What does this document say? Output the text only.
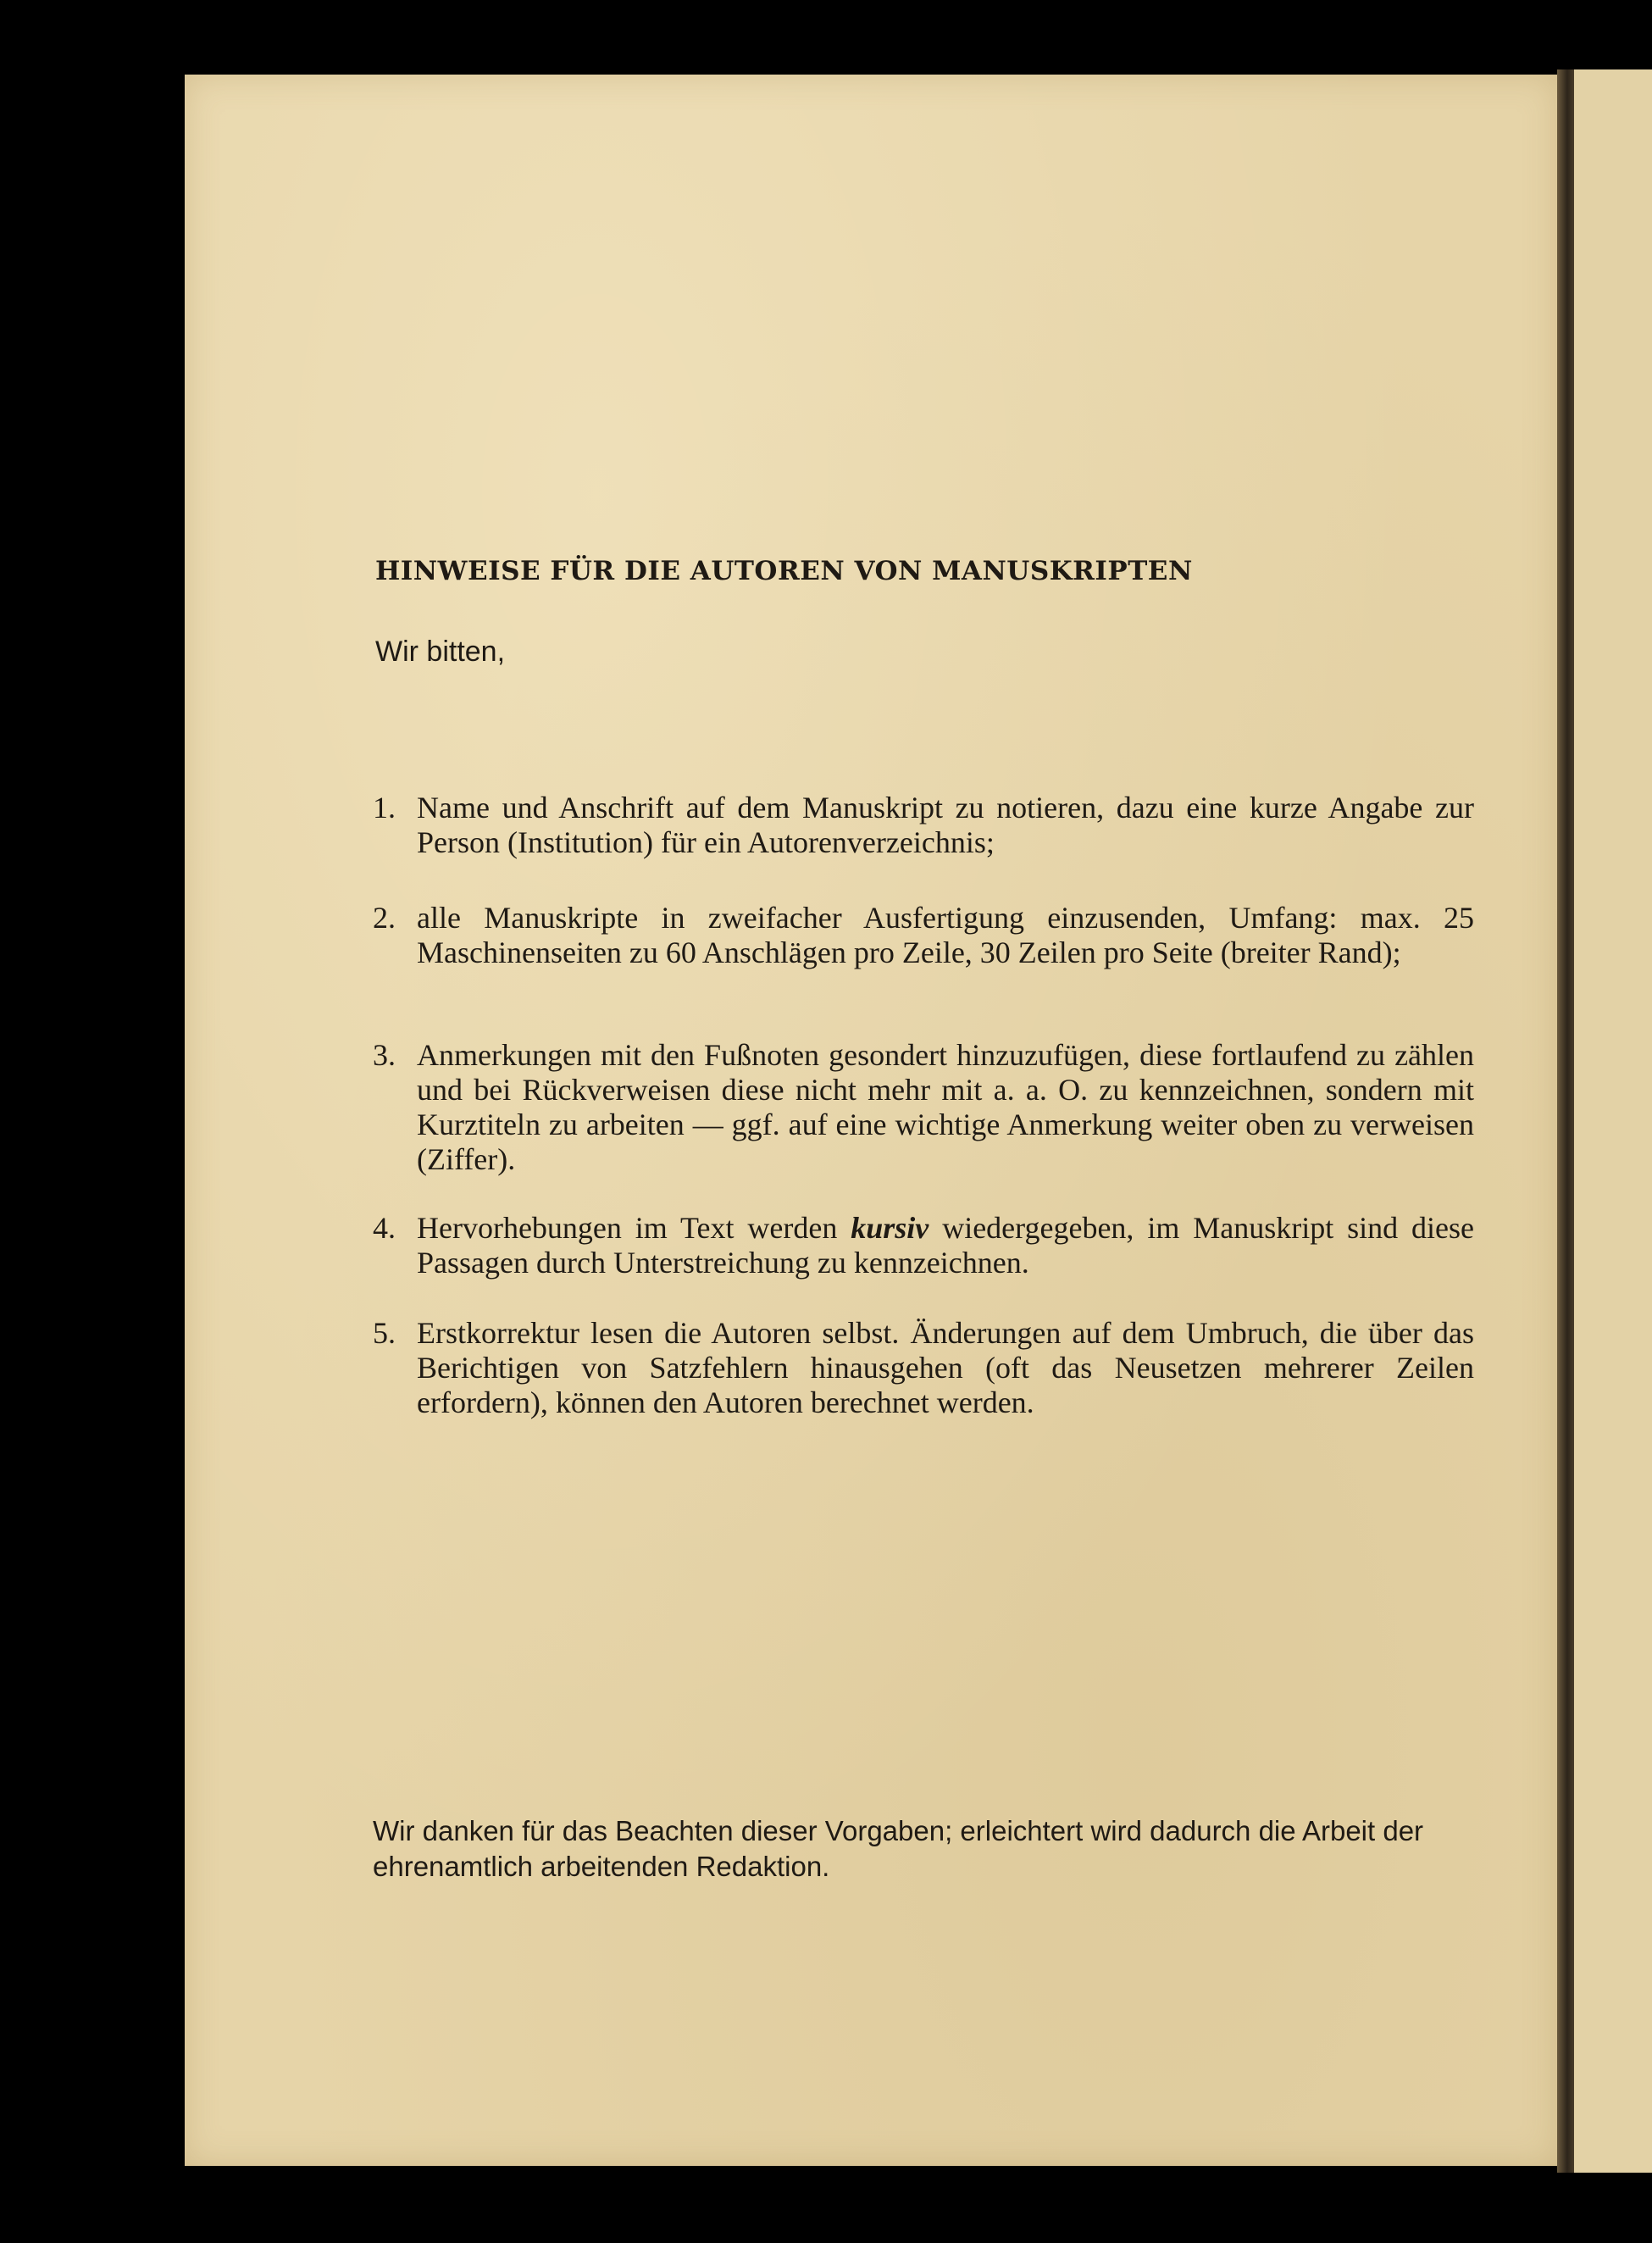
HINWEISE FÜR DIE AUTOREN VON MANUSKRIPTEN
Wir bitten,
1. Name und Anschrift auf dem Manuskript zu notieren, dazu eine kurze Angabe zur Person (Institution) für ein Autorenverzeichnis;
2. alle Manuskripte in zweifacher Ausfertigung einzusenden, Umfang: max. 25 Maschinenseiten zu 60 Anschlägen pro Zeile, 30 Zeilen pro Seite (breiter Rand);
3. Anmerkungen mit den Fußnoten gesondert hinzuzufügen, diese fortlaufend zu zählen und bei Rückverweisen diese nicht mehr mit a. a. O. zu kennzeichnen, sondern mit Kurztiteln zu arbeiten — ggf. auf eine wichtige Anmerkung weiter oben zu verweisen (Ziffer).
4. Hervorhebungen im Text werden kursiv wiedergegeben, im Manuskript sind diese Passagen durch Unterstreichung zu kennzeichnen.
5. Erstkorrektur lesen die Autoren selbst. Änderungen auf dem Umbruch, die über das Berichtigen von Satzfehlern hinausgehen (oft das Neusetzen mehrerer Zeilen erfordern), können den Autoren berechnet werden.
Wir danken für das Beachten dieser Vorgaben; erleichtert wird dadurch die Arbeit der ehrenamtlich arbeitenden Redaktion.
